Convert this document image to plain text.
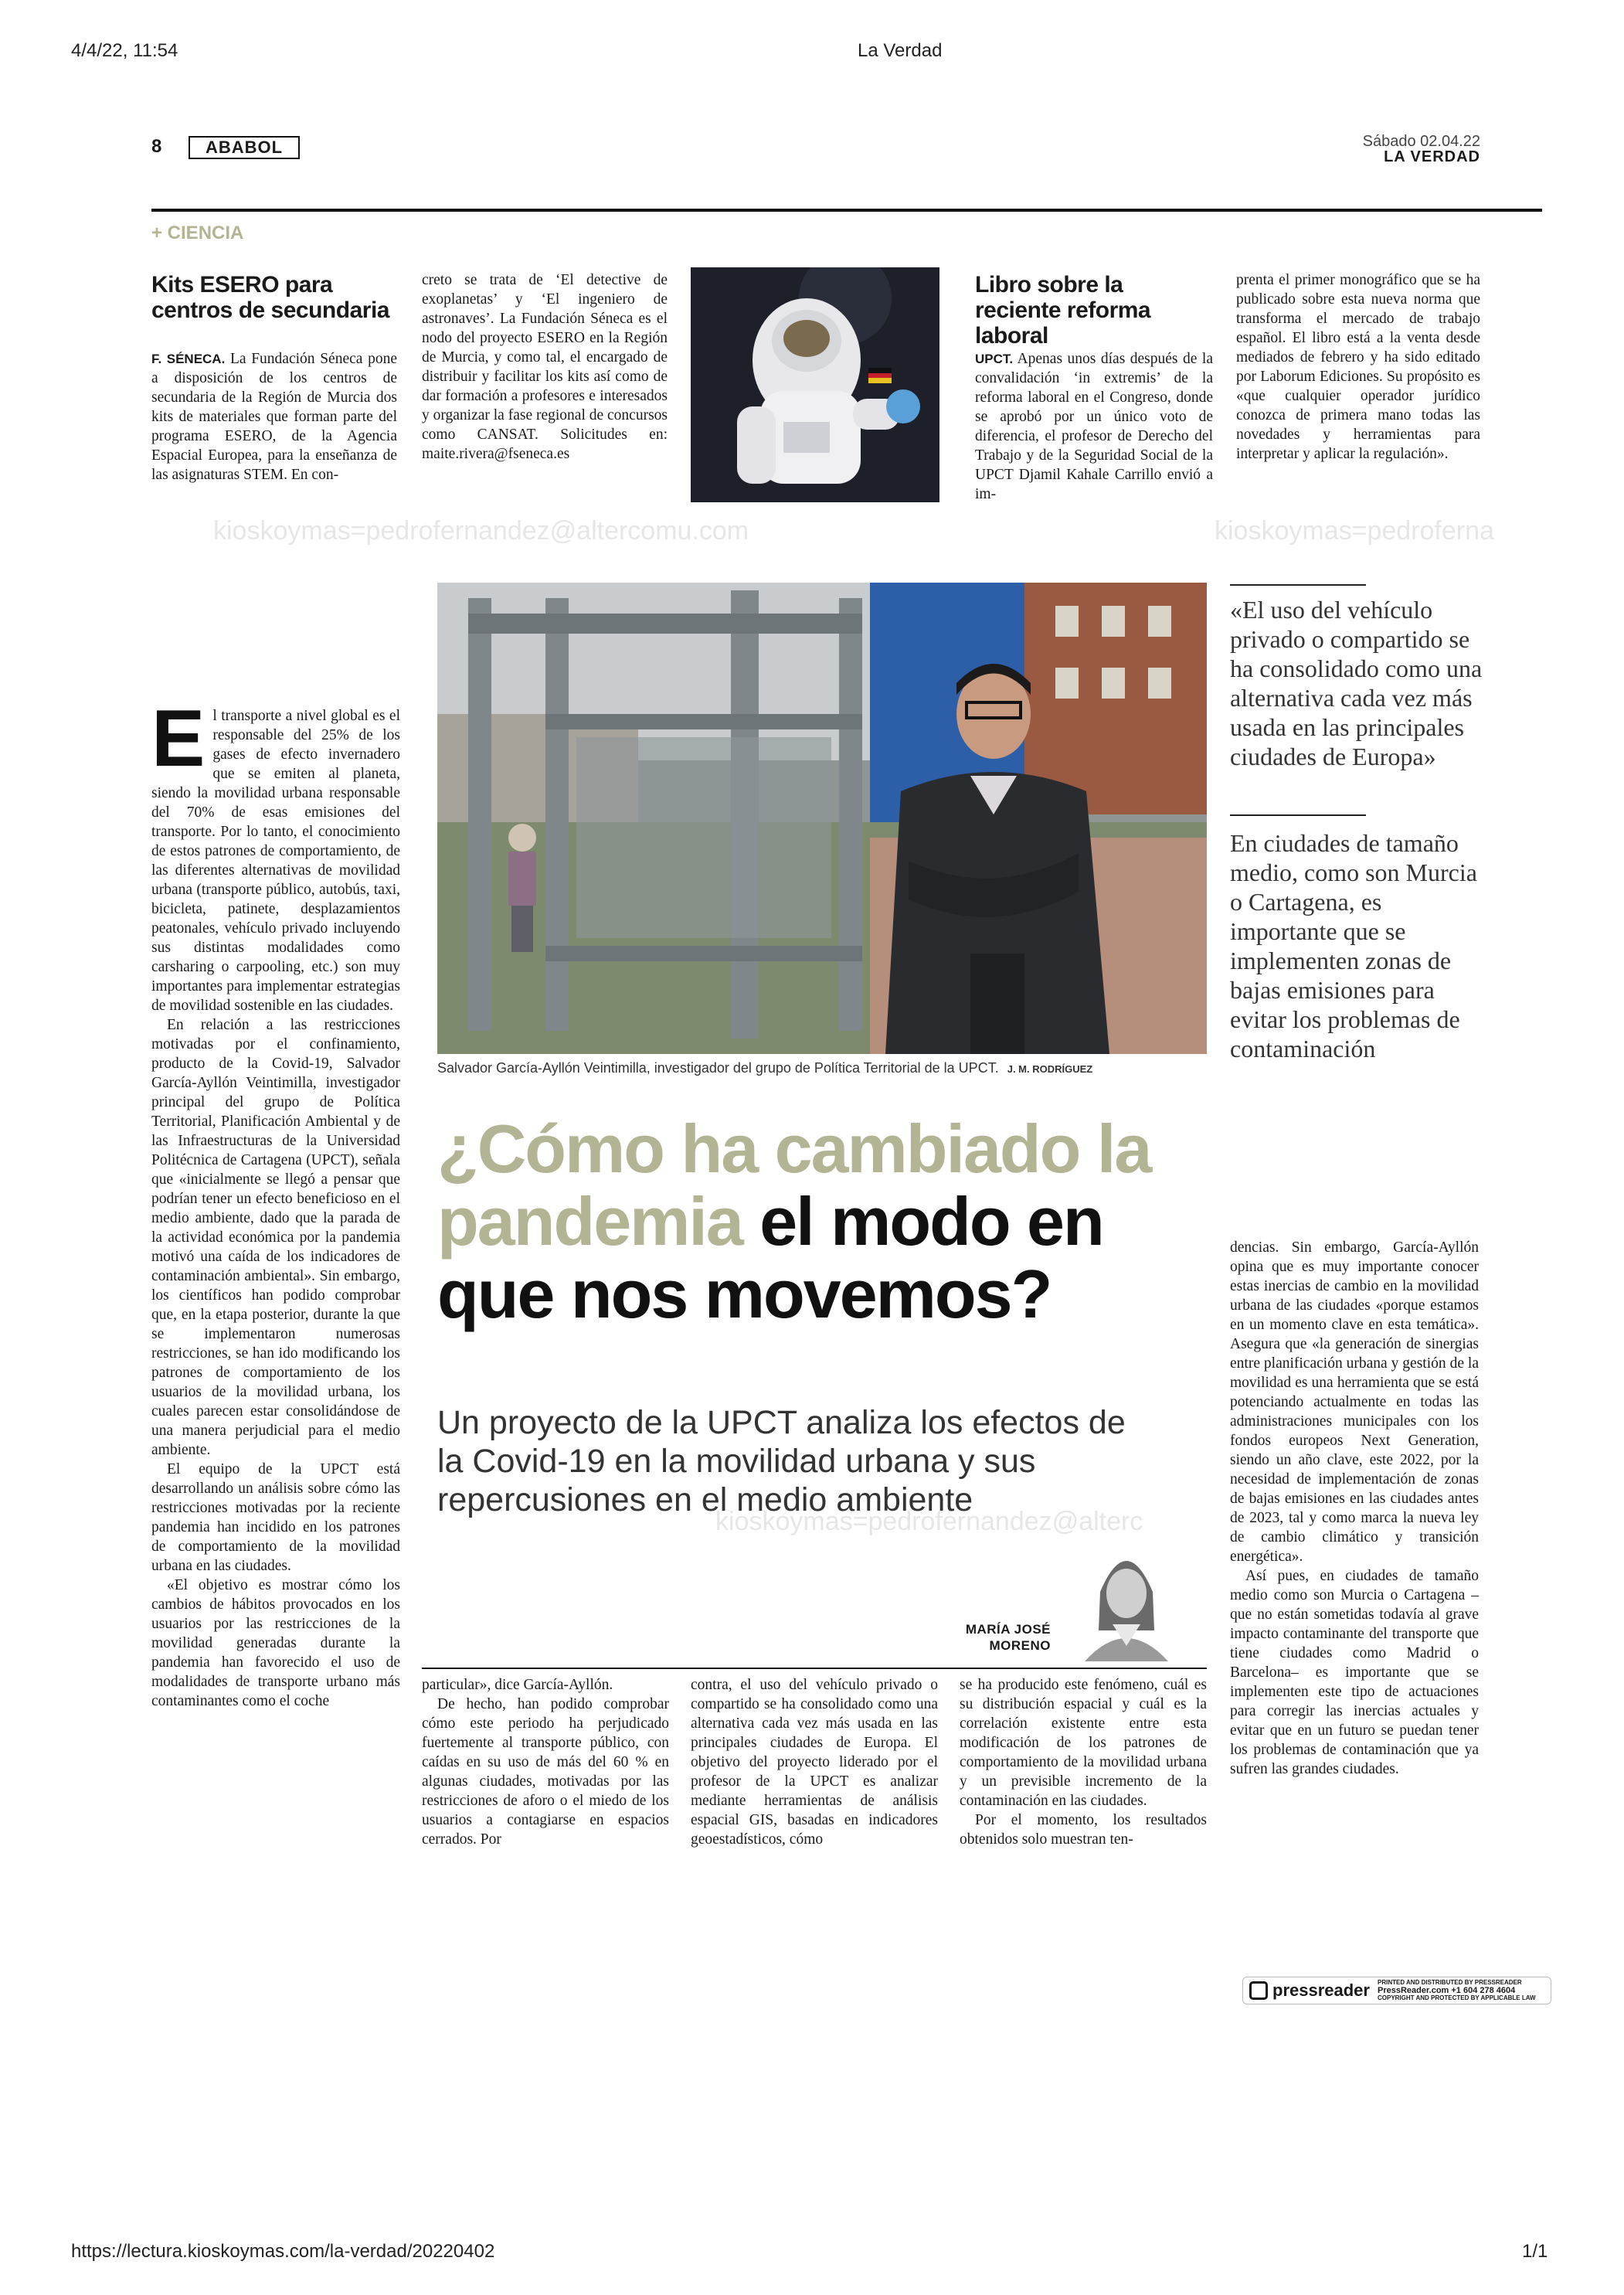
4/4/22, 11:54	La Verdad
https://lectura.kioskoymas.com/la-verdad/20220402	1/1
8	ABABOL	Sábado 02.04.22
LA VERDAD
+ CIENCIA
Kits ESERO para centros de secundaria

F. SÉNECA. La Fundación Séneca pone a disposición de los centros de secundaria de la Región de Murcia dos kits de materiales que forman parte del programa ESERO, de la Agencia Espacial Europea, para la enseñanza de las asignaturas STEM. En con-

creto se trata de ‘El detective de exoplanetas’ y ‘El ingeniero de astronaves’. La Fundación Séneca es el nodo del proyecto ESERO en la Región de Murcia, y como tal, el encargado de distribuir y facilitar los kits así como de dar formación a profesores e interesados y organizar la fase regional de concursos como CANSAT. Solicitudes en: maite.rivera@fseneca.es

Libro sobre la reciente reforma laboral

UPCT. Apenas unos días después de la convalidación ‘in extremis’ de la reforma laboral en el Congreso, donde se aprobó por un único voto de diferencia, el profesor de Derecho del Trabajo y de la Seguridad Social de la UPCT Djamil Kahale Carrillo envió a im-

prenta el primer monográfico que se ha publicado sobre esta nueva norma que transforma el mercado de trabajo español. El libro está a la venta desde mediados de febrero y ha sido editado por Laborum Ediciones. Su propósito es «que cualquier operador jurídico conozca de primera mano todas las novedades y herramientas para interpretar y aplicar la regulación».

kioskoymas=pedrofernandez@altercomu.com	kioskoymas=pedroferna
kioskoymas=pedrofernandez@alterc
Salvador García-Ayllón Veintimilla, investigador del grupo de Política Territorial de la UPCT. J. M. RODRÍGUEZ
«El uso del vehículo privado o compartido se ha consolidado como una alternativa cada vez más usada en las principales ciudades de Europa»
En ciudades de tamaño medio, como son Murcia o Cartagena, es importante que se implementen zonas de bajas emisiones para evitar los problemas de contaminación
¿Cómo ha cambiado la pandemia el modo en que nos movemos?
Un proyecto de la UPCT analiza los efectos de la Covid-19 en la movilidad urbana y sus repercusiones en el medio ambiente
MARÍA JOSÉ MORENO

El transporte a nivel global es el responsable del 25% de los gases de efecto invernadero que se emiten al planeta, siendo la movilidad urbana responsable del 70% de esas emisiones del transporte. Por lo tanto, el conocimiento de estos patrones de comportamiento, de las diferentes alternativas de movilidad urbana (transporte público, autobús, taxi, bicicleta, patinete, desplazamientos peatonales, vehículo privado incluyendo sus distintas modalidades como carsharing o carpooling, etc.) son muy importantes para implementar estrategias de movilidad sostenible en las ciudades.

En relación a las restricciones motivadas por el confinamiento, producto de la Covid-19, Salvador García-Ayllón Veintimilla, investigador principal del grupo de Política Territorial, Planificación Ambiental y de las Infraestructuras de la Universidad Politécnica de Cartagena (UPCT), señala que «inicialmente se llegó a pensar que podrían tener un efecto beneficioso en el medio ambiente, dado que la parada de la actividad económica por la pandemia motivó una caída de los indicadores de contaminación ambiental». Sin embargo, los científicos han podido comprobar que, en la etapa posterior, durante la que se implementaron numerosas restricciones, se han ido modificando los patrones de comportamiento de los usuarios de la movilidad urbana, los cuales parecen estar consolidándose de una manera perjudicial para el medio ambiente.

El equipo de la UPCT está desarrollando un análisis sobre cómo las restricciones motivadas por la reciente pandemia han incidido en los patrones de comportamiento de la movilidad urbana en las ciudades.

«El objetivo es mostrar cómo los cambios de hábitos provocados en los usuarios por las restricciones de la movilidad generadas durante la pandemia han favorecido el uso de modalidades de transporte urbano más contaminantes como el coche

particular», dice García-Ayllón.

De hecho, han podido comprobar cómo este periodo ha perjudicado fuertemente al transporte público, con caídas en su uso de más del 60 % en algunas ciudades, motivadas por las restricciones de aforo o el miedo de los usuarios a contagiarse en espacios cerrados. Por

contra, el uso del vehículo privado o compartido se ha consolidado como una alternativa cada vez más usada en las principales ciudades de Europa. El objetivo del proyecto liderado por el profesor de la UPCT es analizar mediante herramientas de análisis espacial GIS, basadas en indicadores geoestadísticos, cómo

se ha producido este fenómeno, cuál es su distribución espacial y cuál es la correlación existente entre esta modificación de los patrones de comportamiento de la movilidad urbana y un previsible incremento de la contaminación en las ciudades.

Por el momento, los resultados obtenidos solo muestran ten-

dencias. Sin embargo, García-Ayllón opina que es muy importante conocer estas inercias de cambio en la movilidad urbana de las ciudades «porque estamos en un momento clave en esta temática». Asegura que «la generación de sinergias entre planificación urbana y gestión de la movilidad es una herramienta que se está potenciando actualmente en todas las administraciones municipales con los fondos europeos Next Generation, siendo un año clave, este 2022, por la necesidad de implementación de zonas de bajas emisiones en las ciudades antes de 2023, tal y como marca la nueva ley de cambio climático y transición energética».

Así pues, en ciudades de tamaño medio como son Murcia o Cartagena –que no están sometidas todavía al grave impacto contaminante del transporte que tiene ciudades como Madrid o Barcelona– es importante que se implementen este tipo de actuaciones para corregir las inercias actuales y evitar que en un futuro se puedan tener los problemas de contaminación que ya sufren las grandes ciudades.

pressreader PRINTED AND DISTRIBUTED BY PRESSREADER
PressReader.com +1 604 278 4604
COPYRIGHT AND PROTECTED BY APPLICABLE LAW
